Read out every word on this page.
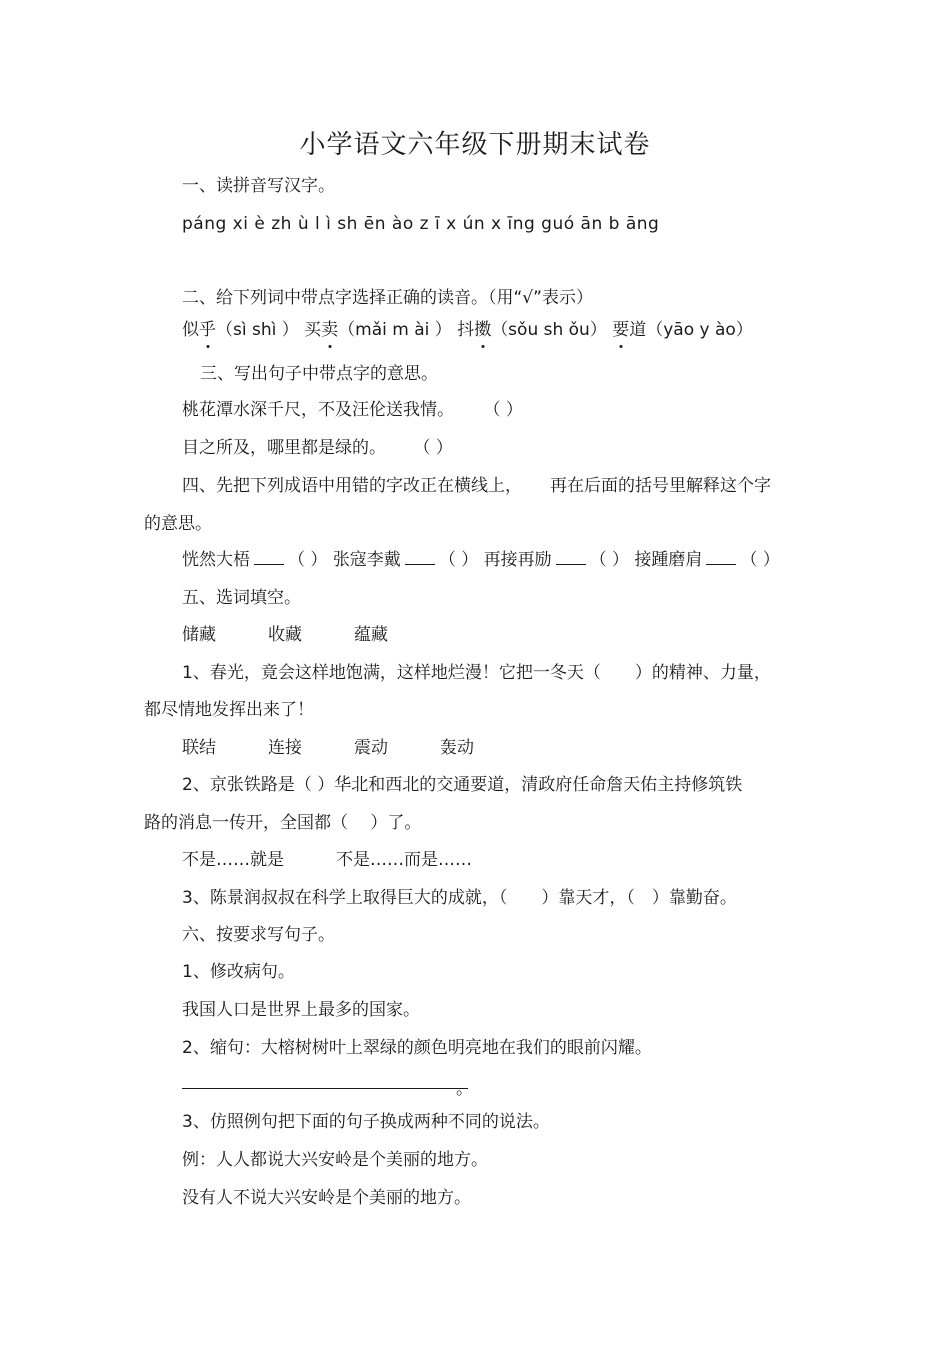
小学语文六年级下册期末试卷
一、读拼音写汉字。
páng xi è zh ù l ì sh ēn ào z ī x ún x īng guó ān b āng
二、给下列词中带点字选择正确的读音。（用“√”表示）
似乎（sì shì ） 买卖（mǎi m ài ） 抖擞（sǒu sh ǒu） 要道（yāo y ào）
三、写出句子中带点字的意思。
桃花潭水深千尺，不及汪伦送我情。 （ ）
目之所及，哪里都是绿的。 （ ）
四、先把下列成语中用错的字改正在横线上， 再在后面的括号里解释这个字
的意思。
恍然大梧 （ ） 张寇李戴 （ ） 再接再励 （ ） 接踵磨肩 （ ）
五、选词填空。
储藏	收藏	蕴藏
1、春光，竟会这样地饱满，这样地烂漫！它把一冬天（　　）的精神、力量，
都尽情地发挥出来了！
联结	连接	震动	轰动
2、京张铁路是（ ）华北和西北的交通要道，清政府任命詹天佑主持修筑铁
路的消息一传开，全国都（　 ）了。
不是……就是	不是……而是……
3、陈景润叔叔在科学上取得巨大的成就，（　　）靠天才，（　）靠勤奋。
六、按要求写句子。
1、修改病句。
我国人口是世界上最多的国家。
2、缩句：大榕树树叶上翠绿的颜色明亮地在我们的眼前闪耀。
。
3、仿照例句把下面的句子换成两种不同的说法。
例：人人都说大兴安岭是个美丽的地方。
没有人不说大兴安岭是个美丽的地方。
